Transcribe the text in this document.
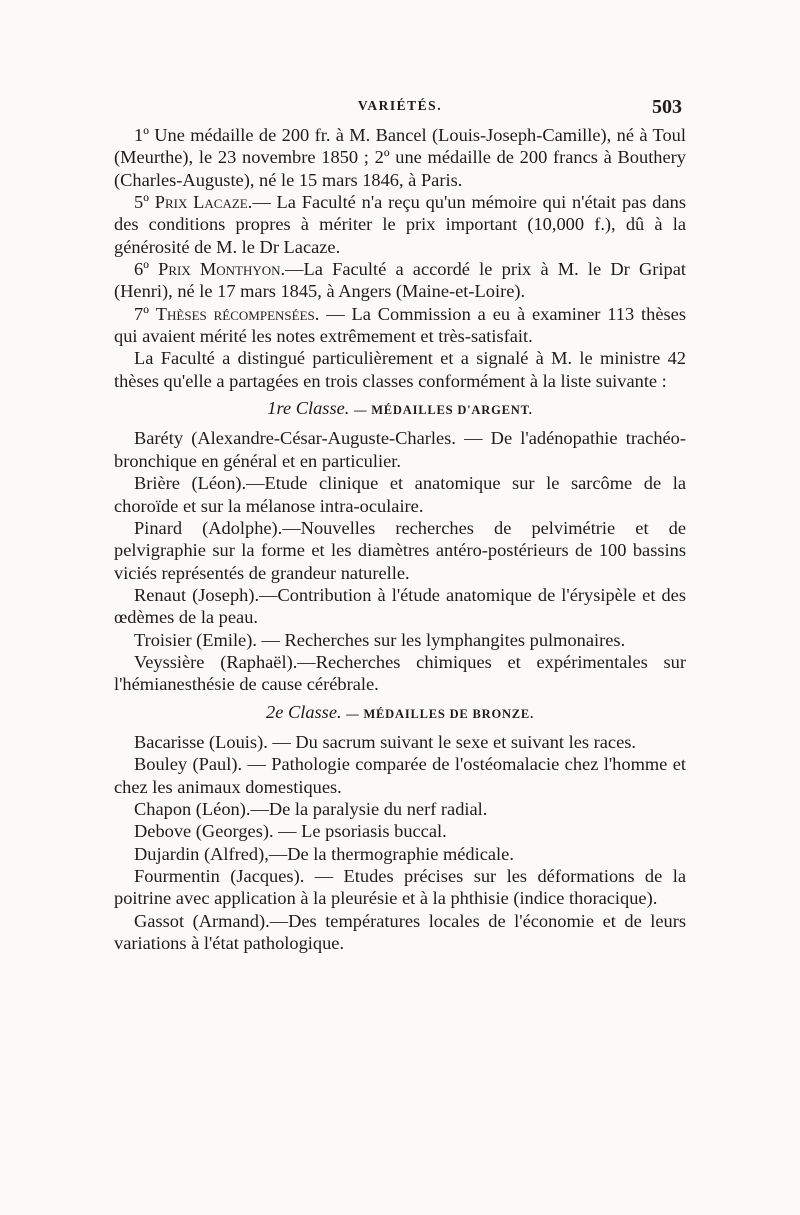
VARIÉTÉS.	503

1º Une médaille de 200 fr. à M. Bancel (Louis-Joseph-Camille), né à Toul (Meurthe), le 23 novembre 1850 ; 2º une médaille de 200 francs à Bouthery (Charles-Auguste), né le 15 mars 1846, à Paris.

5º Prix Lacaze.— La Faculté n'a reçu qu'un mémoire qui n'était pas dans des conditions propres à mériter le prix important (10,000 f.), dû à la générosité de M. le Dr Lacaze.

6º Prix Monthyon.—La Faculté a accordé le prix à M. le Dr Gripat (Henri), né le 17 mars 1845, à Angers (Maine-et-Loire).

7º Thèses récompensées. — La Commission a eu à examiner 113 thèses qui avaient mérité les notes extrêmement et très-satisfait.

La Faculté a distingué particulièrement et a signalé à M. le ministre 42 thèses qu'elle a partagées en trois classes conformément à la liste suivante :

1re Classe. — MÉDAILLES D'ARGENT.

Baréty (Alexandre-César-Auguste-Charles. — De l'adénopathie trachéo-bronchique en général et en particulier.

Brière (Léon).—Etude clinique et anatomique sur le sarcôme de la choroïde et sur la mélanose intra-oculaire.

Pinard (Adolphe).—Nouvelles recherches de pelvimétrie et de pelvigraphie sur la forme et les diamètres antéro-postérieurs de 100 bassins viciés représentés de grandeur naturelle.

Renaut (Joseph).—Contribution à l'étude anatomique de l'érysipèle et des œdèmes de la peau.

Troisier (Emile). — Recherches sur les lymphangites pulmonaires.

Veyssière (Raphaël).—Recherches chimiques et expérimentales sur l'hémianesthésie de cause cérébrale.

2e Classe. — MÉDAILLES DE BRONZE.

Bacarisse (Louis). — Du sacrum suivant le sexe et suivant les races.

Bouley (Paul). — Pathologie comparée de l'ostéomalacie chez l'homme et chez les animaux domestiques.

Chapon (Léon).—De la paralysie du nerf radial.

Debove (Georges). — Le psoriasis buccal.

Dujardin (Alfred),—De la thermographie médicale.

Fourmentin (Jacques). — Etudes précises sur les déformations de la poitrine avec application à la pleurésie et à la phthisie (indice thoracique).

Gassot (Armand).—Des températures locales de l'économie et de leurs variations à l'état pathologique.
